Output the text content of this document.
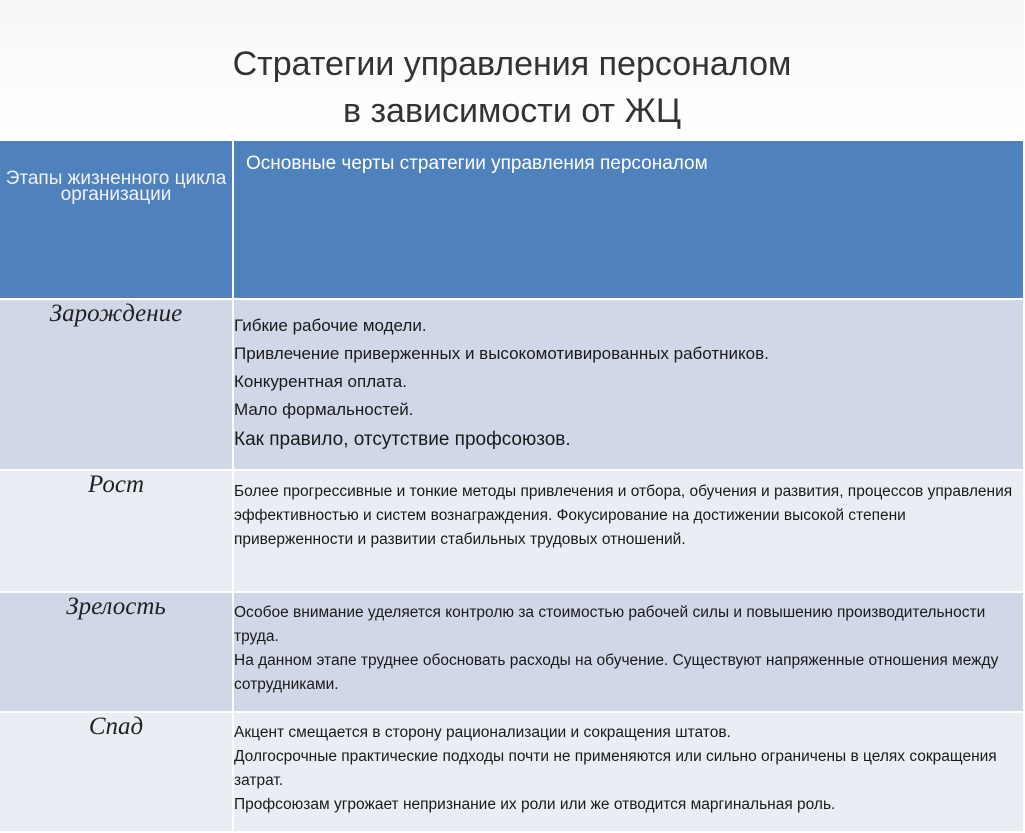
Стратегии управления персоналом
в зависимости от ЖЦ
Этапы жизненного цикла организации	Основные черты стратегии управления персоналом
Зарождение	Гибкие рабочие модели.

Привлечение приверженных и высокомотивированных работников.

Конкурентная оплата.

Мало формальностей.

Как правило, отсутствие профсоюзов.

Рост	Более прогрессивные и тонкие методы привлечения и отбора, обучения и развития, процессов управления эффективностью и систем вознаграждения. Фокусирование на достижении высокой степени приверженности и развитии стабильных трудовых отношений.

Зрелость	Особое внимание уделяется контролю за стоимостью рабочей силы и повышению производительности труда.

На данном этапе труднее обосновать расходы на обучение. Существуют напряженные отношения между сотрудниками.

Спад	Акцент смещается в сторону рационализации и сокращения штатов.

Долгосрочные практические подходы почти не применяются или сильно ограничены в целях сокращения затрат.

Профсоюзам угрожает непризнание их роли или же отводится маргинальная роль.
